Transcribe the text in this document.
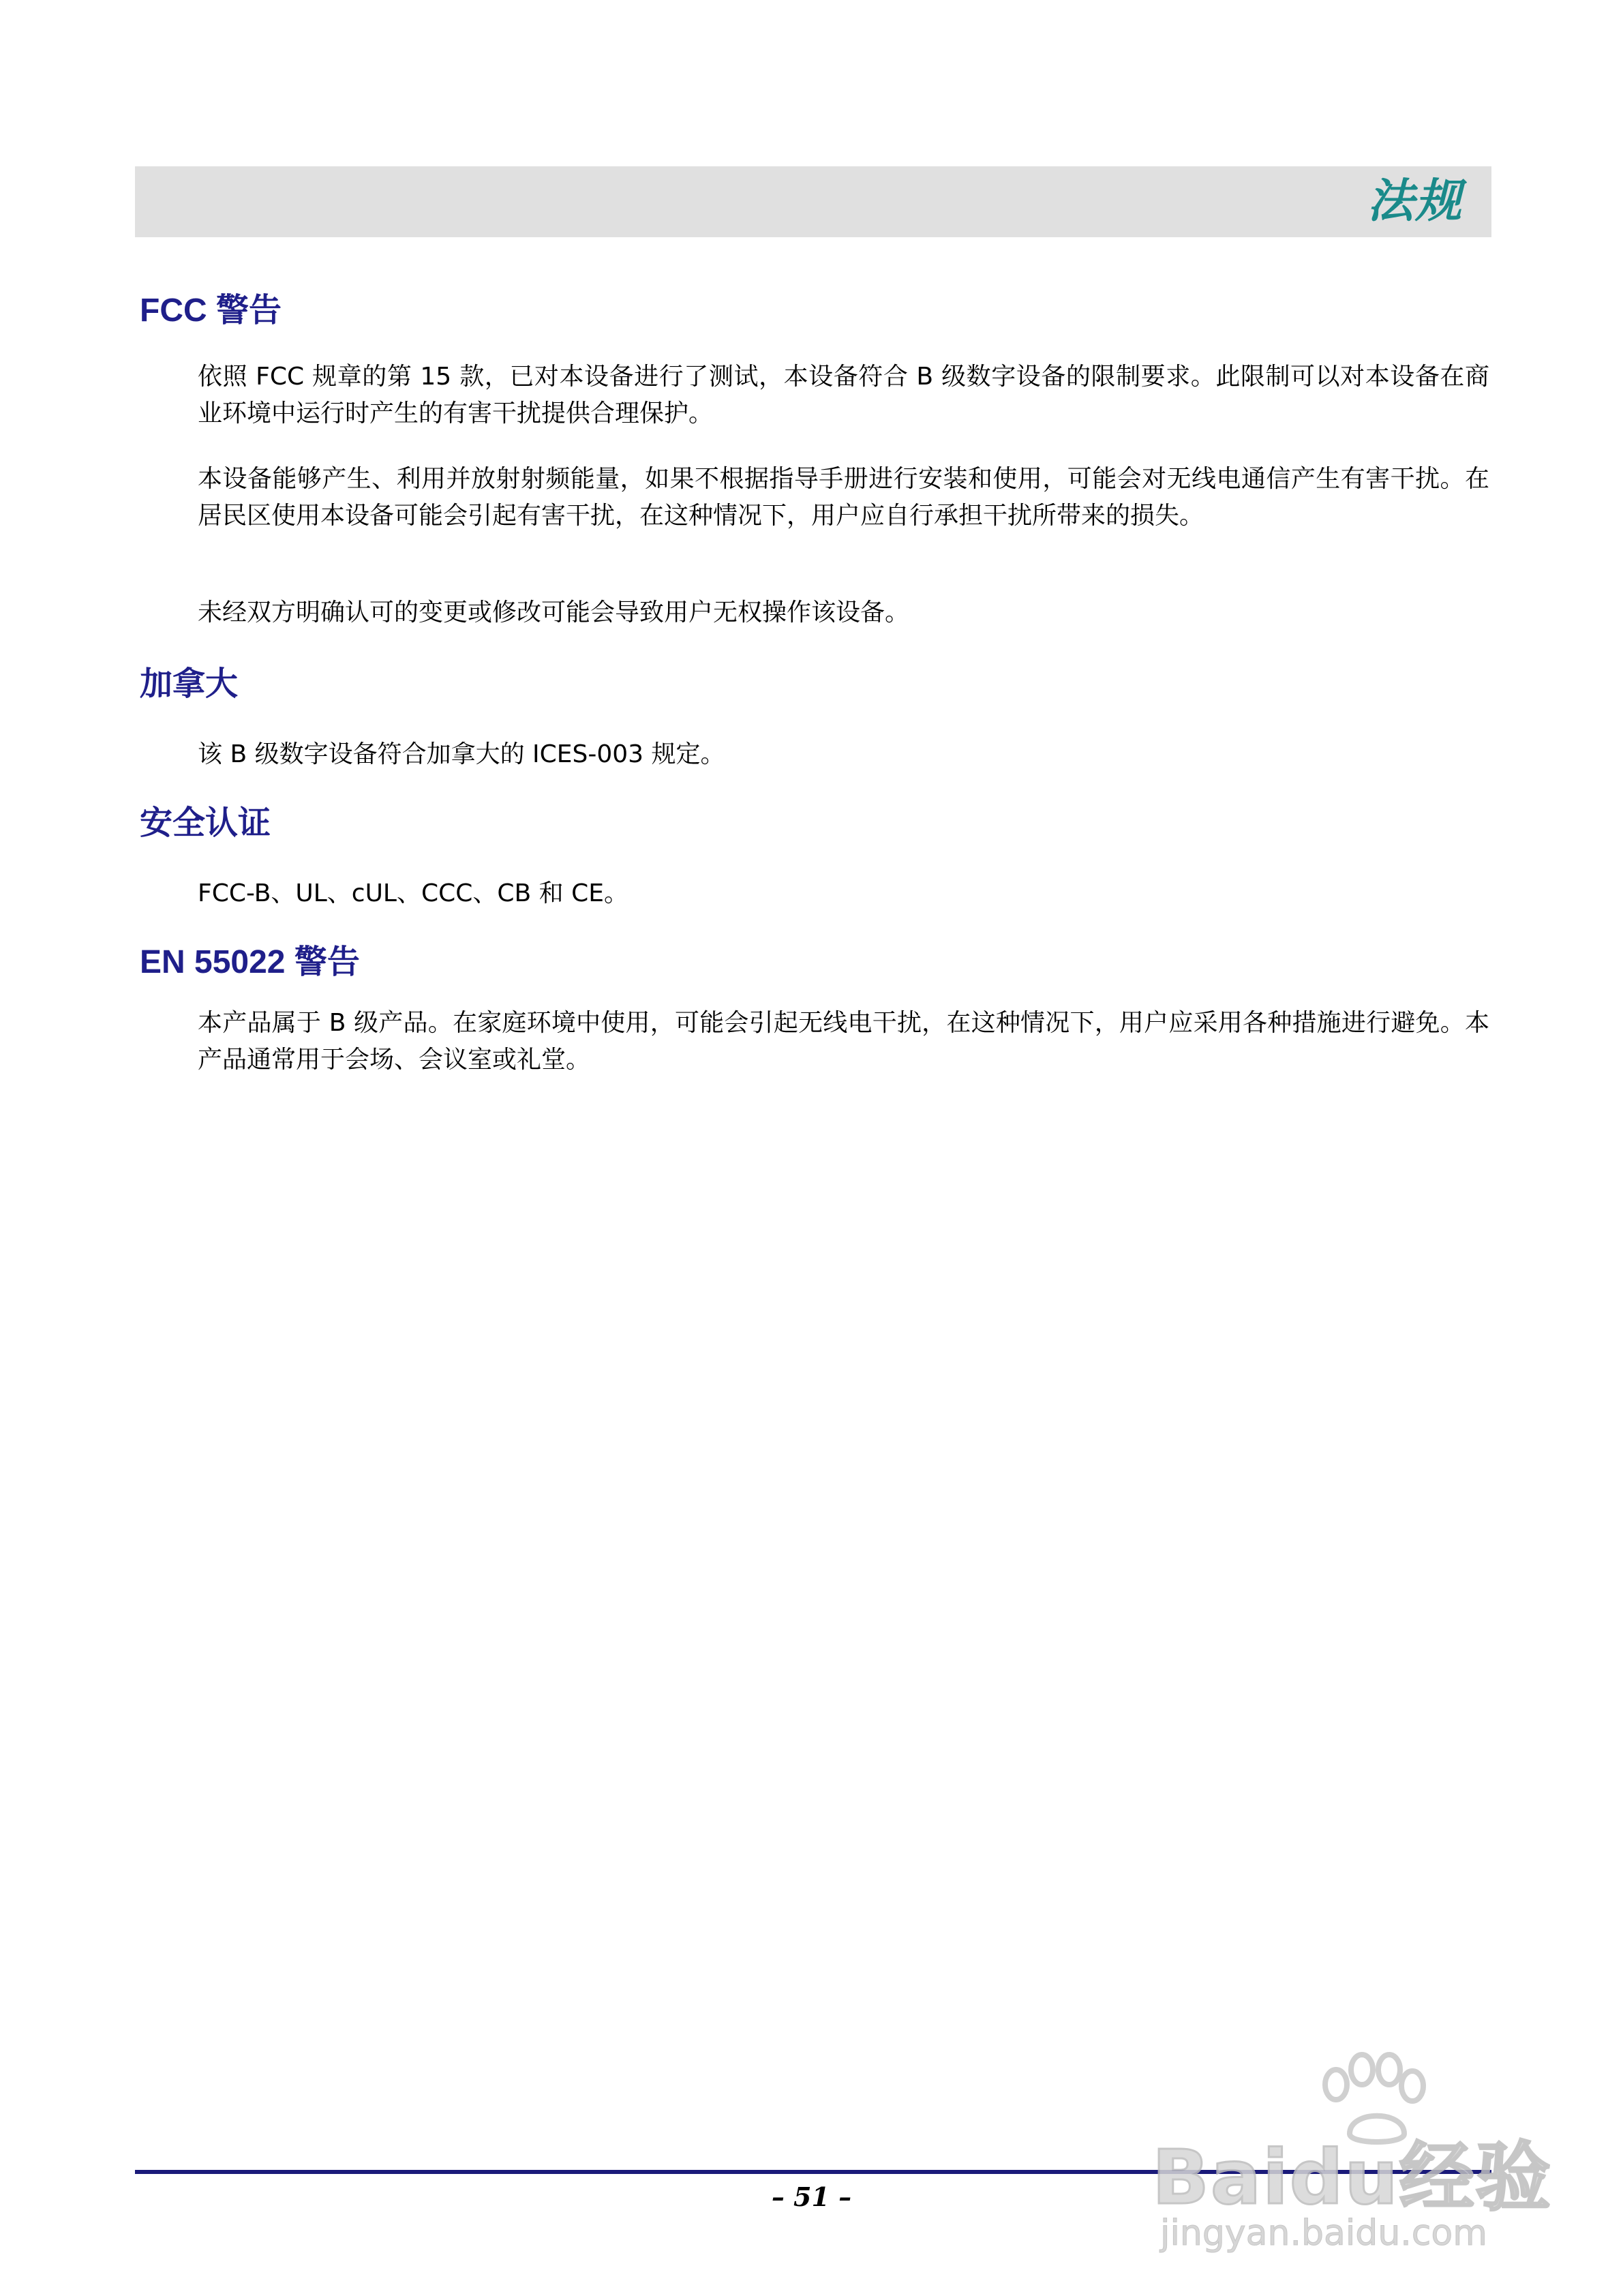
法规
FCC 警告

依照 FCC 规章的第 15 款，已对本设备进行了测试，本设备符合 B 级数字设备的限制要求。此限制可以对本设备在商业环境中运行时产生的有害干扰提供合理保护。

本设备能够产生、利用并放射射频能量，如果不根据指导手册进行安装和使用，可能会对无线电通信产生有害干扰。在居民区使用本设备可能会引起有害干扰，在这种情况下，用户应自行承担干扰所带来的损失。

未经双方明确认可的变更或修改可能会导致用户无权操作该设备。

加拿大

该 B 级数字设备符合加拿大的 ICES-003 规定。

安全认证

FCC-B、UL、cUL、CCC、CB 和 CE。

EN 55022 警告

本产品属于 B 级产品。在家庭环境中使用，可能会引起无线电干扰，在这种情况下，用户应采用各种措施进行避免。本产品通常用于会场、会议室或礼堂。

– 51 –	Baidu经验
jingyan.baidu.com
